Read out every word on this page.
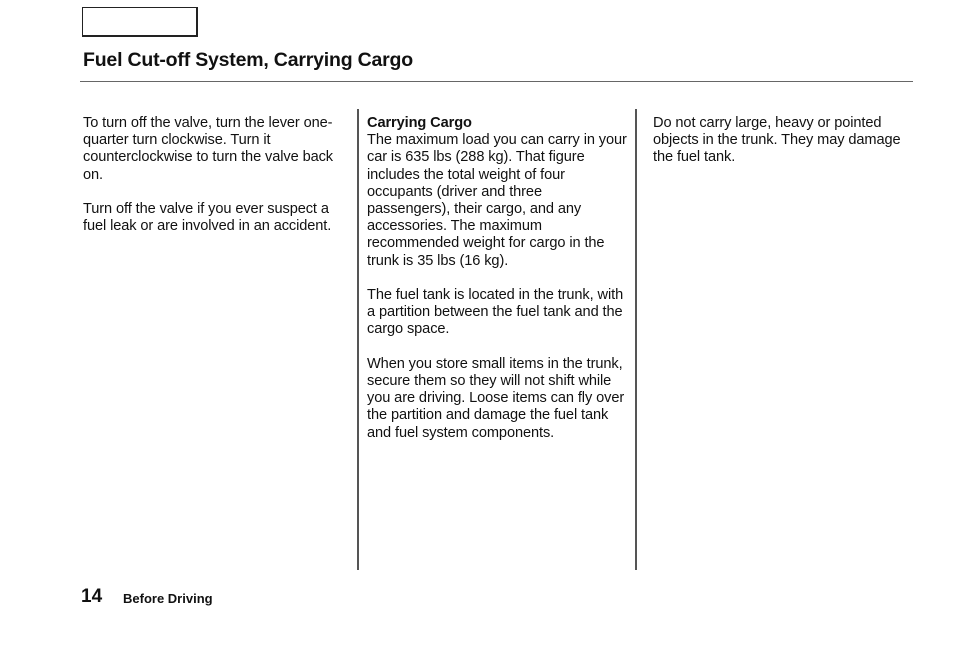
Fuel Cut-off System, Carrying Cargo

To turn off the valve, turn the lever one-quarter turn clockwise. Turn it counterclockwise to turn the valve back on.

Turn off the valve if you ever suspect a fuel leak or are involved in an accident.

Carrying Cargo
The maximum load you can carry in your car is 635 lbs (288 kg). That figure includes the total weight of four occupants (driver and three passengers), their cargo, and any accessories. The maximum recommended weight for cargo in the trunk is 35 lbs (16 kg).

The fuel tank is located in the trunk, with a partition between the fuel tank and the cargo space.

When you store small items in the trunk, secure them so they will not shift while you are driving. Loose items can fly over the partition and damage the fuel tank and fuel system components.

Do not carry large, heavy or pointed objects in the trunk. They may damage the fuel tank.

14 Before Driving
